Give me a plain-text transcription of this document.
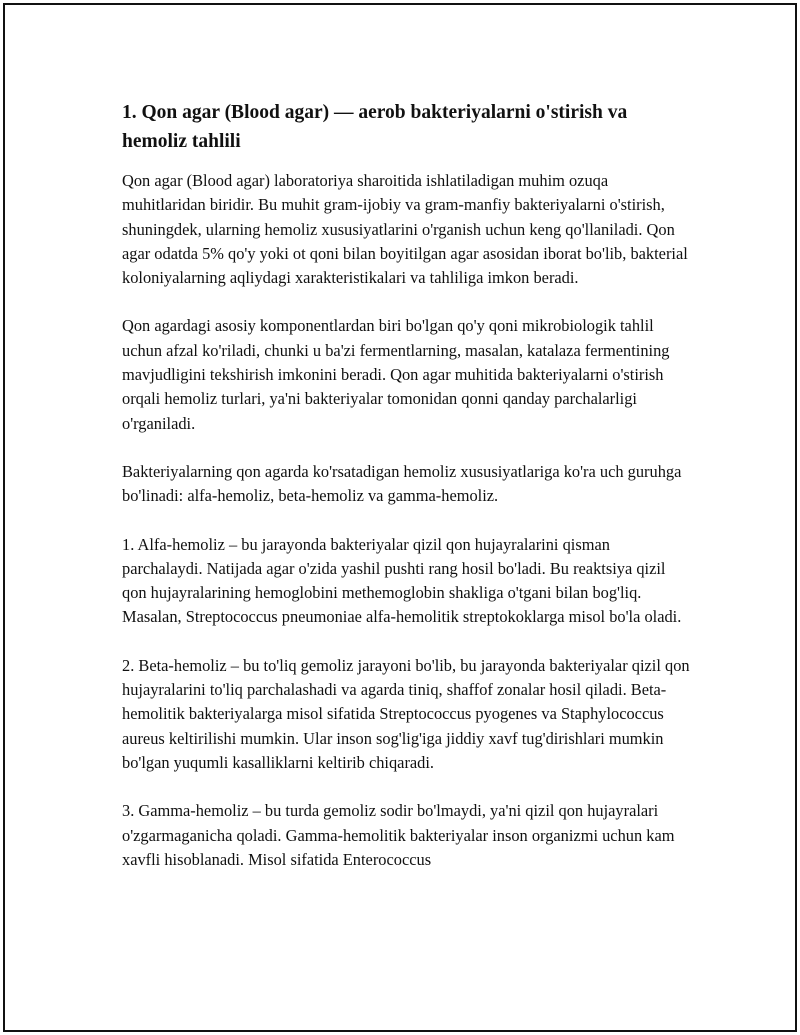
1. Qon agar (Blood agar) — aerob bakteriyalarni o'stirish va hemoliz tahlili

Qon agar (Blood agar) laboratoriya sharoitida ishlatiladigan muhim ozuqa muhitlaridan biridir. Bu muhit gram-ijobiy va gram-manfiy bakteriyalarni o'stirish, shuningdek, ularning hemoliz xususiyatlarini o'rganish uchun keng qo'llaniladi. Qon agar odatda 5% qo'y yoki ot qoni bilan boyitilgan agar asosidan iborat bo'lib, bakterial koloniyalarning aqliydagi xarakteristikalari va tahliliga imkon beradi.

Qon agardagi asosiy komponentlardan biri bo'lgan qo'y qoni mikrobiologik tahlil uchun afzal ko'riladi, chunki u ba'zi fermentlarning, masalan, katalaza fermentining mavjudligini tekshirish imkonini beradi. Qon agar muhitida bakteriyalarni o'stirish orqali hemoliz turlari, ya'ni bakteriyalar tomonidan qonni qanday parchalarligi o'rganiladi.

Bakteriyalarning qon agarda ko'rsatadigan hemoliz xususiyatlariga ko'ra uch guruhga bo'linadi: alfa-hemoliz, beta-hemoliz va gamma-hemoliz.

1. Alfa-hemoliz – bu jarayonda bakteriyalar qizil qon hujayralarini qisman parchalaydi. Natijada agar o'zida yashil pushti rang hosil bo'ladi. Bu reaktsiya qizil qon hujayralarining hemoglobini methemoglobin shakliga o'tgani bilan bog'liq. Masalan, Streptococcus pneumoniae alfa-hemolitik streptokoklarga misol bo'la oladi.

2. Beta-hemoliz – bu to'liq gemoliz jarayoni bo'lib, bu jarayonda bakteriyalar qizil qon hujayralarini to'liq parchalashadi va agarda tiniq, shaffof zonalar hosil qiladi. Beta-hemolitik bakteriyalarga misol sifatida Streptococcus pyogenes va Staphylococcus aureus keltirilishi mumkin. Ular inson sog'lig'iga jiddiy xavf tug'dirishlari mumkin bo'lgan yuqumli kasalliklarni keltirib chiqaradi.

3. Gamma-hemoliz – bu turda gemoliz sodir bo'lmaydi, ya'ni qizil qon hujayralari o'zgarmaganicha qoladi. Gamma-hemolitik bakteriyalar inson organizmi uchun kam xavfli hisoblanadi. Misol sifatida Enterococcus
